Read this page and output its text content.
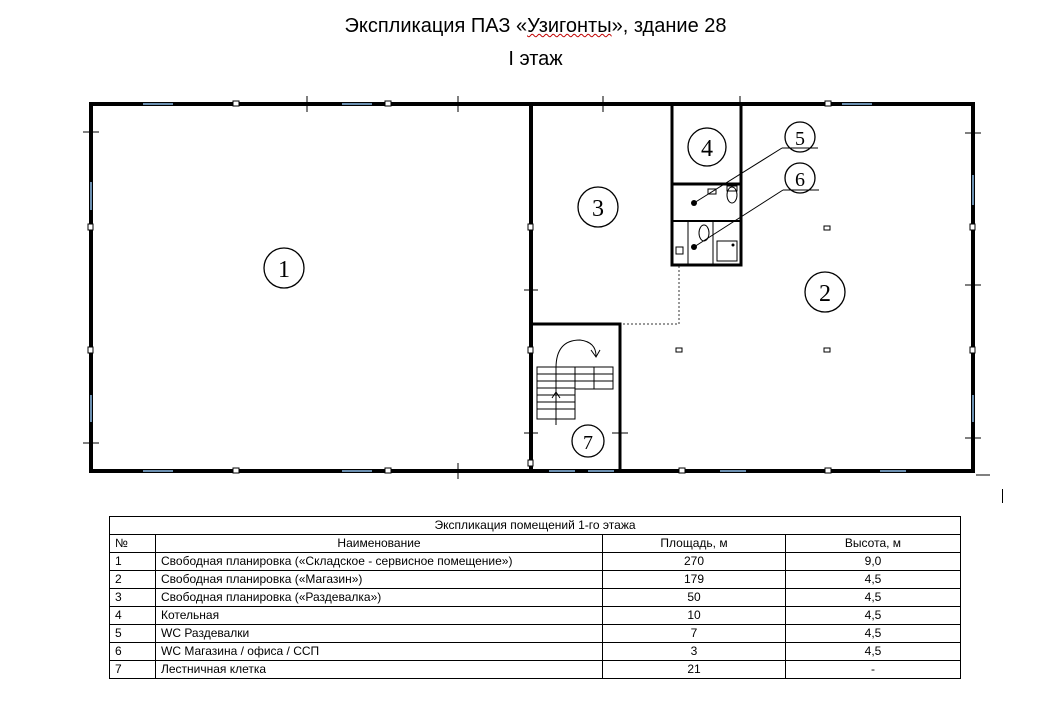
Экспликация ПАЗ «Узигонты», здание 28
I этаж
1
2
3
4	5
6
7
Экспликация помещений 1-го этажа			
№	Наименование	Площадь, м	Высота, м
1	Свободная планировка («Складское - сервисное помещение»)	270	9,0
2	Свободная планировка («Магазин»)	179	4,5
3	Свободная планировка («Раздевалка»)	50	4,5
4	Котельная	10	4,5
5	WC Раздевалки	7	4,5
6	WC Магазина / офиса / ССП	3	4,5
7	Лестничная клетка	21	-
